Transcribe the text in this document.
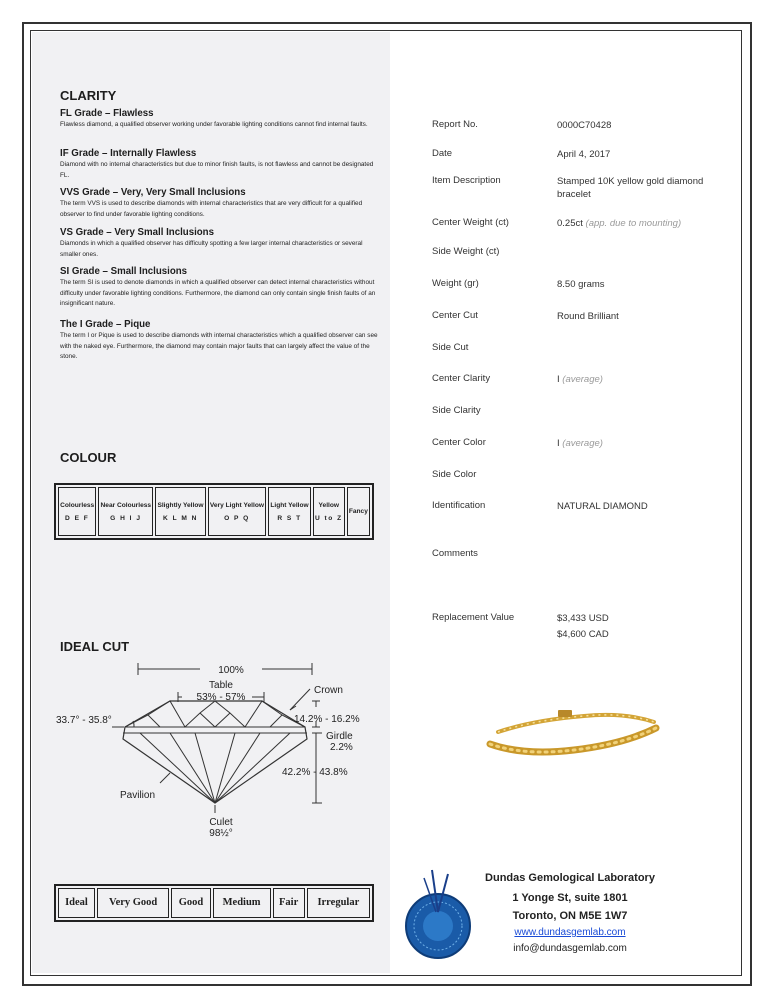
CLARITY
FL Grade – Flawless

Flawless diamond, a qualified observer working under favorable lighting conditions cannot find internal faults.

IF Grade – Internally Flawless

Diamond with no internal characteristics but due to minor finish faults, is not flawless and cannot be designated FL.

VVS Grade – Very, Very Small Inclusions

The term VVS is used to describe diamonds with internal characteristics that are very difficult for a qualified observer to find under favorable lighting conditions.

VS Grade – Very Small Inclusions

Diamonds in which a qualified observer has difficulty spotting a few larger internal characteristics or several smaller ones.

SI Grade – Small Inclusions

The term SI is used to denote diamonds in which a qualified observer can detect internal characteristics without difficulty under favorable lighting conditions. Furthermore, the diamond can only contain single finish faults of an insignificant nature.

The I Grade – Pique

The term I or Pique is used to describe diamonds with internal characteristics which a qualified observer can see with the naked eye. Furthermore, the diamond may contain major faults that can largely affect the value of the stone.

COLOUR
Colourless
D E F

Near Colourless
G H I J

Slightly Yellow
K L M N

Very Light Yellow
O P Q

Light Yellow
R S T

Yellow
U to Z

Fancy
IDEAL CUT
100%
Table
53% - 57%
Crown
33.7° - 35.8°	14.2% - 16.2%
Girdle
2.2%
42.2% - 43.8%
Pavilion
Culet
98½°
Ideal	Very Good	Good	Medium	Fair	Irregular
Report No.	0000C70428
Date	April 4, 2017
Item Description	Stamped 10K yellow gold diamond bracelet
Center Weight (ct)	0.25ct (app. due to mounting)
Side Weight (ct)
Weight (gr)	8.50 grams
Center Cut	Round Brilliant
Side Cut
Center Clarity	I (average)
Side Clarity
Center Color	I (average)
Side Color
Identification	NATURAL DIAMOND
Comments
Replacement Value	$3,433 USD
$4,600 CAD
Dundas Gemological Laboratory
1 Yonge St, suite 1801
Toronto, ON M5E 1W7
www.dundasgemlab.com
info@dundasgemlab.com
